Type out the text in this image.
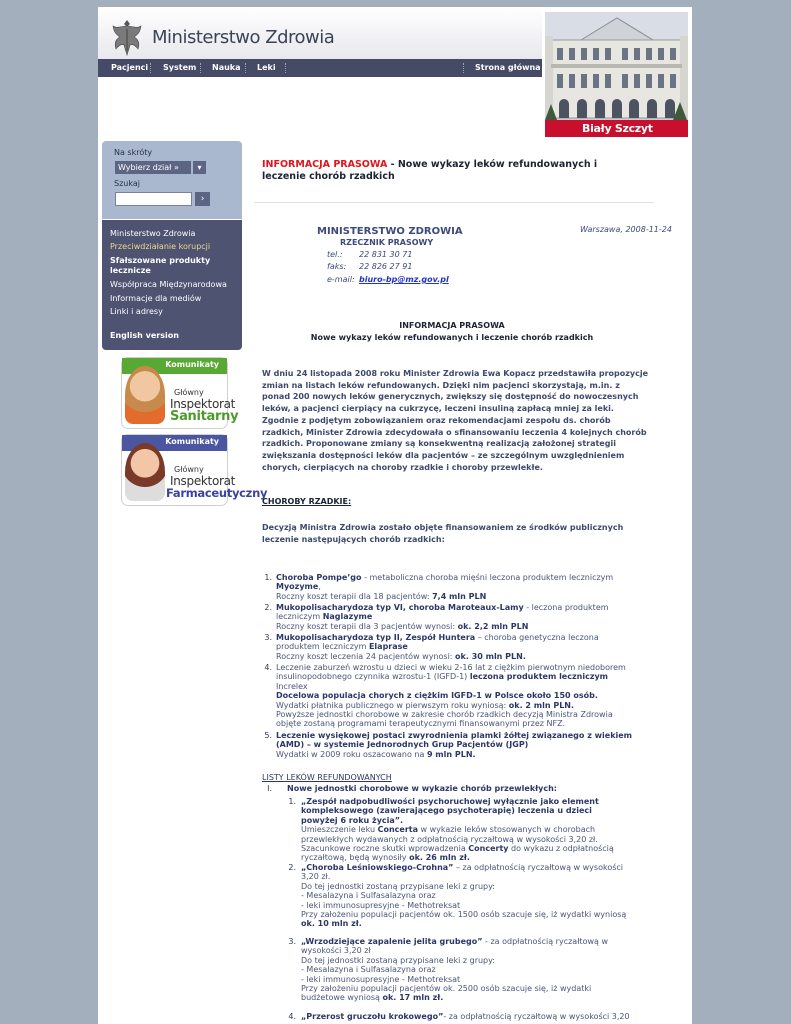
Ministerstwo Zdrowia
Pacjenci System Nauka Leki	Strona główna
Biały Szczyt
Na skróty
Wybierz dział »	▾
Szukaj
›
Ministerstwo Zdrowia
Przeciwdziałanie korupcji
Sfałszowane produkty
lecznicze
Współpraca Międzynarodowa
Informacje dla mediów
Linki i adresy
English version
Komunikaty
Główny
Inspektorat
Sanitarny
Komunikaty
Główny
Inspektorat
Farmaceutyczny
INFORMACJA PRASOWA - Nowe wykazy leków refundowanych i leczenie chorób rzadkich
MINISTERSTWO ZDROWIA
RZECZNIK PRASOWY
Warszawa, 2008-11-24
tel.: 22 831 30 71
faks: 22 826 27 91
e-mail: biuro-bp@mz.gov.pl
INFORMACJA PRASOWA
Nowe wykazy leków refundowanych i leczenie chorób rzadkich
W dniu 24 listopada 2008 roku Minister Zdrowia Ewa Kopacz przedstawiła propozycje zmian na listach leków refundowanych. Dzięki nim pacjenci skorzystają, m.in. z ponad 200 nowych leków generycznych, zwiększy się dostępność do nowoczesnych leków, a pacjenci cierpiący na cukrzycę, leczeni insuliną zapłacą mniej za leki. Zgodnie z podjętym zobowiązaniem oraz rekomendacjami zespołu ds. chorób rzadkich, Minister Zdrowia zdecydowała o sfinansowaniu leczenia 4 kolejnych chorób rzadkich. Proponowane zmiany są konsekwentną realizacją założonej strategii zwiększania dostępności leków dla pacjentów – ze szczególnym uwzględnieniem chorych, cierpiących na choroby rzadkie i choroby przewlekłe.
CHOROBY RZADKIE:
Decyzją Ministra Zdrowia zostało objęte finansowaniem ze środków publicznych leczenie następujących chorób rzadkich:
1. Choroba Pompe’go - metaboliczna choroba mięśni leczona produktem leczniczym Myozyme,
Roczny koszt terapii dla 18 pacjentów: 7,4 mln PLN
2. Mukopolisacharydoza typ VI, choroba Maroteaux-Lamy - leczona produktem leczniczym Naglazyme
Roczny koszt terapii dla 3 pacjentów wynosi: ok. 2,2 mln PLN
3. Mukopolisacharydoza typ II, Zespół Huntera – choroba genetyczna leczona produktem leczniczym Elaprase
Roczny koszt leczenia 24 pacjentów wynosi: ok. 30 mln PLN.
4. Leczenie zaburzeń wzrostu u dzieci w wieku 2-16 lat z ciężkim pierwotnym niedoborem insulinopodobnego czynnika wzrostu-1 (IGFD-1) leczona produktem leczniczym
Increlex
Docelowa populacja chorych z ciężkim IGFD-1 w Polsce około 150 osób.
Wydatki płatnika publicznego w pierwszym roku wyniosą: ok. 2 mln PLN.
Powyższe jednostki chorobowe w zakresie chorób rzadkich decyzją Ministra Zdrowia objęte zostaną programami terapeutycznymi finansowanymi przez NFZ.
5. Leczenie wysiękowej postaci zwyrodnienia plamki żółtej związanego z wiekiem (AMD) – w systemie Jednorodnych Grup Pacjentów (JGP)
Wydatki w 2009 roku oszacowano na 9 mln PLN.
LISTY LEKÓW REFUNDOWANYCH
I. Nowe jednostki chorobowe w wykazie chorób przewlekłych:
1. „Zespół nadpobudliwości psychoruchowej wyłącznie jako element kompleksowego (zawierającego psychoterapię) leczenia u dzieci powyżej 6 roku życia”.
Umieszczenie leku Concerta w wykazie leków stosowanych w chorobach przewlekłych wydawanych z odpłatnością ryczałtową w wysokości 3,20 zł.
Szacunkowe roczne skutki wprowadzenia Concerty do wykazu z odpłatnością ryczałtową, będą wynosiły ok. 26 mln zł.
2. „Choroba Leśniowskiego-Crohna” – za odpłatnością ryczałtową w wysokości 3,20 zł.
Do tej jednostki zostaną przypisane leki z grupy:
- Mesalazyna i Sulfasalazyna oraz
- leki immunosupresyjne - Methotreksat
Przy założeniu populacji pacjentów ok. 1500 osób szacuje się, iż wydatki wyniosą ok. 10 mln zł.
3. „Wrzodziejące zapalenie jelita grubego” - za odpłatnością ryczałtową w wysokości 3,20 zł
Do tej jednostki zostaną przypisane leki z grupy:
- Mesalazyna i Sulfasalazyna oraz
- leki immunosupresyjne - Methotreksat
Przy założeniu populacji pacjentów ok. 2500 osób szacuje się, iż wydatki budżetowe wyniosą ok. 17 mln zł.
4. „Przerost gruczołu krokowego”- za odpłatnością ryczałtową w wysokości 3,20
